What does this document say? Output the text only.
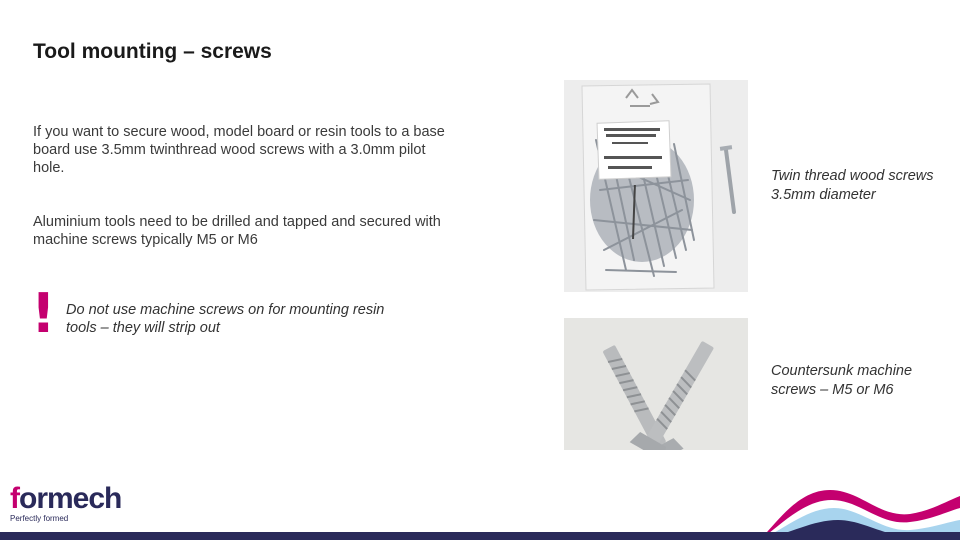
Tool mounting – screws
If you want to secure wood, model board or resin tools to a base board use 3.5mm twinthread wood screws with a 3.0mm pilot hole.
Aluminium tools need to be drilled and tapped and secured with machine screws typically M5 or M6
! Do not use machine screws on for mounting resin tools – they will strip out
Twin thread wood screws 3.5mm diameter
Countersunk machine screws – M5 or M6
formech
Perfectly formed
